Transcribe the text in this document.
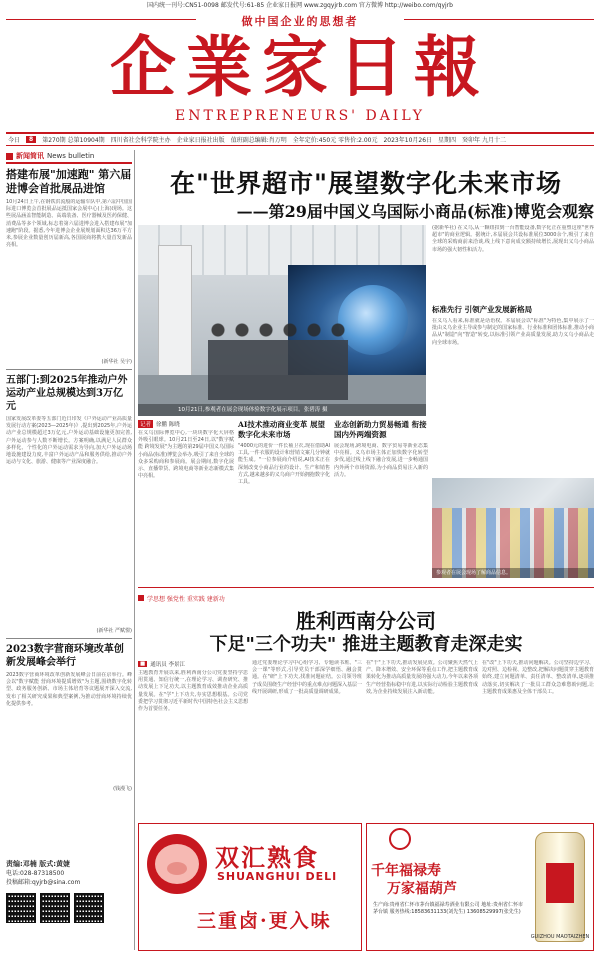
国内统一刊号:CN51-0098 邮发代号:61-85 企业家日报网 www.zgqyjrb.com 官方微博 http://weibo.com/qyjrb
做中国企业的思想者
企業家日報
ENTREPRENEURS' DAILY
今日	8	第270期 总第10904期 四川省社会科学院主办 企业家日报社出版 值班副总编辑:肖万明 全年定价:450元 零售价:2.00元 2023年10月26日 星期四 癸卯年 九月十二
新闻简讯 News bulletin
搭建布展"加速跑" 第六届进博会首批展品进馆
10月24日上午,在钢铁洪流般的运输车队中,第六届中国国际进口博览会首批展品运抵国家会展中心(上海)现场。这些展品涵盖智能制造、高端装备、医疗器械及医药保健、消费品等多个领域,标志着第六届进博会进入搭建布展"加速跑"阶段。据悉,今年进博会企业展规划面积达36万平方米,参展企业数量创历届新高,各国展商将携大量首发新品亮相。
(新华社 吴宇)
五部门:到2025年推动户外运动产业总规模达到3万亿元
国家发展改革委等五部门近日印发《户外运动产业高质量发展行动方案(2023—2025年)》,提出到2025年,户外运动产业总规模超过3万亿元,户外运动基础设施更加完善,户外运动参与人数不断增长。方案明确,以满足人民群众多样化、个性化的户外运动需求为导向,加大户外运动场地设施建设力度,丰富户外运动产品和服务供给,推动户外运动与文化、旅游、健康等产业深度融合。
(新华社 严赋憬)
2023数字营商环境改革创新发展峰会举行
2023数字营商环境改革创新发展峰会日前在京举行。峰会以"数字赋能 营商环境提质增效"为主题,围绕数字化转型、政务服务创新、市场主体培育等议题展开深入交流,发布了相关研究成果和典型案例,为推动营商环境持续优化提供参考。
(钱漫飞)
责编:邓楠 版式:黄婕
电话:028-87318500
投稿邮箱:qyjrb@sina.com
在"世界超市"展望数字化未来市场
——第29届中国义乌国际小商品(标准)博览会观察
10月21日,参观者在展会现场体验数字化展示项目。张碧涛 摄
(据新华社) 在义乌,从一颗纽扣到一台智能设备,数字化正在重塑这座"世界超市"的商业逻辑。据统计,本届展会共设标准展位3000余个,吸引了来自全球的采购商前来洽谈,线上线下意向成交额持续增长,展现出义乌小商品市场的强大韧性和活力。
标准先行 引领产业发展新格局
在义乌人看来,标准就是话语权。本届展会以"标准"为特色,集中展示了一批由义乌企业主导或参与制定的国家标准、行业标准和团体标准,推动小商品从"制造"向"智造"转变,以标准引领产业高质量发展,助力义乌小商品走向全球市场。
参观者在展会现场了解商品信息。
记者 徐鹏 陈晓
在义乌国际博览中心,一块块数字化大屏格外吸引眼球。10月21日至24日,以"数字赋能 跨境发展"为主题的第29届中国义乌国际小商品(标准)博览会举办,吸引了来自全球的众多采购商和参展商。展会期间,数字化展示、直播带货、跨境电商等新业态新模式集中亮相。
AI技术推动商业变革 展望数字化未来市场
"4000元的进价一件长袖卫衣,现在借助AI工具,一件衣服的设计和营销文案几分钟就能生成。"一位参展商介绍说,AI技术正在深刻改变小商品行业的设计、生产和销售方式,越来越多的义乌商户开始拥抱数字化工具。
业态创新助力贸易畅通 衔接国内外两端资源
展会现场,跨境电商、数字贸易等新业态集中亮相。义乌市场主体正加快数字化转型步伐,通过线上线下融合发展,进一步畅通国内外两个市场资源,为小商品贸易注入新的活力。
学思想 强党性 重实践 建新功
胜利西南分公司
下足"三个功夫" 推进主题教育走深走实
■ 通讯员 李景江
主题教育开展以来,胜利西南分公司党委坚持学思用贯通、知信行统一,在理论学习、调查研究、推动发展上下足功夫,以主题教育成效推动企业高质量发展。在"学"上下功夫,夯实思想根基。公司党委把学习贯彻习近平新时代中国特色社会主义思想作为首要任务。
通过党委理论学习中心组学习、专题读书班、"三会一课"等形式,引导党员干部深学细悟、融会贯通。在"研"上下功夫,找准问题症结。公司领导班子成员围绕生产经营中的重点难点问题深入基层一线开展调研,形成了一批高质量调研成果。
在"干"上下功夫,推动发展见效。公司聚焦天然气上产、降本增效、安全环保等重点工作,把主题教育成果转化为推动高质量发展的强大动力,今年以来各项生产经营指标稳中有进,以实际行动检验主题教育成效,为企业持续发展注入新动能。
在"改"上下功夫,推动问题解决。公司坚持边学习、边对照、边检视、边整改,把解决问题贯穿主题教育始终,建立问题清单、责任清单、整改清单,逐项推动落实,切实解决了一批员工群众急难愁盼问题,让主题教育成果惠及全体干部员工。
双汇熟食
SHUANGHUI DELI
三重卤·更入味
千年福禄寿
万家福葫芦
生产商:贵州省仁怀市茅台镇福禄寿酒业有限公司 地址:贵州省仁怀市茅台镇 服务热线:18583631133(刘先生) 13608529997(张先生)
GUIZHOU MAOTAIZHEN
